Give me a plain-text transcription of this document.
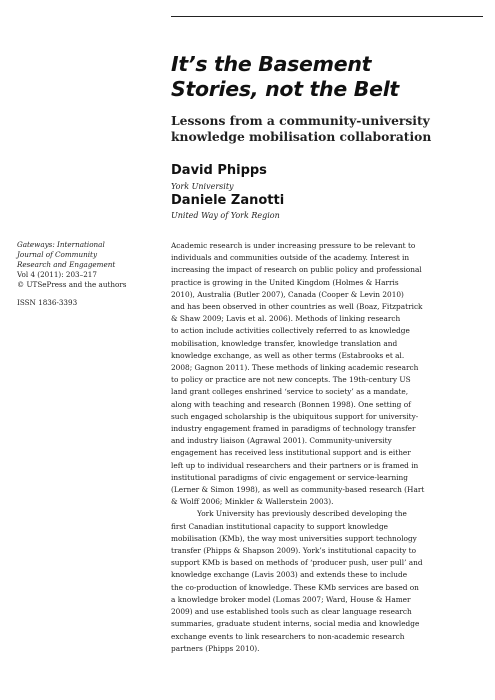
It’s the Basement
Stories, not the Belt
Lessons from a community-university
knowledge mobilisation collaboration
David Phipps
York University
Daniele Zanotti
United Way of York Region
Gateways: International
Journal of Community
Research and Engagement
Vol 4 (2011): 203–217
© UTSePress and the authors
ISSN 1836-3393
Academic research is under increasing pressure to be relevant to
individuals and communities outside of the academy. Interest in
increasing the impact of research on public policy and professional
practice is growing in the United Kingdom (Holmes & Harris
2010), Australia (Butler 2007), Canada (Cooper & Levin 2010)
and has been observed in other countries as well (Boaz, Fitzpatrick
& Shaw 2009; Lavis et al. 2006). Methods of linking research
to action include activities collectively referred to as knowledge
mobilisation, knowledge transfer, knowledge translation and
knowledge exchange, as well as other terms (Estabrooks et al.
2008; Gagnon 2011). These methods of linking academic research
to policy or practice are not new concepts. The 19th-century US
land grant colleges enshrined ‘service to society’ as a mandate,
along with teaching and research (Bonnen 1998). One setting of
such engaged scholarship is the ubiquitous support for university-
industry engagement framed in paradigms of technology transfer
and industry liaison (Agrawal 2001). Community-university
engagement has received less institutional support and is either
left up to individual researchers and their partners or is framed in
institutional paradigms of civic engagement or service-learning
(Lerner & Simon 1998), as well as community-based research (Hart
& Wolff 2006; Minkler & Wallerstein 2003).
York University has previously described developing the
first Canadian institutional capacity to support knowledge
mobilisation (KMb), the way most universities support technology
transfer (Phipps & Shapson 2009). York’s institutional capacity to
support KMb is based on methods of ‘producer push, user pull’ and
knowledge exchange (Lavis 2003) and extends these to include
the co-production of knowledge. These KMb services are based on
a knowledge broker model (Lomas 2007; Ward, House & Hamer
2009) and use established tools such as clear language research
summaries, graduate student interns, social media and knowledge
exchange events to link researchers to non-academic research
partners (Phipps 2010).
